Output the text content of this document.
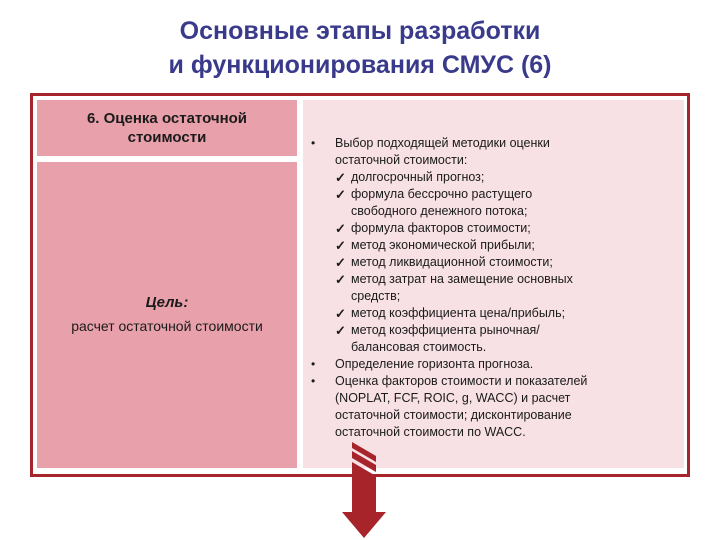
Основные этапы разработки
и функционирования СМУС (6)
6. Оценка остаточной
стоимости
Цель:
расчет остаточной стоимости
• Выбор подходящей методики оценки
остаточной стоимости:
✓ долгосрочный прогноз;
✓ формула бессрочно растущего
свободного денежного потока;
✓ формула факторов стоимости;
✓ метод экономической прибыли;
✓ метод ликвидационной стоимости;
✓ метод затрат на замещение основных
средств;
✓ метод коэффициента цена/прибыль;
✓ метод коэффициента рыночная/
балансовая стоимость.
• Определение горизонта прогноза.
• Оценка факторов стоимости и показателей
(NOPLAT, FCF, ROIC, g, WACC) и расчет
остаточной стоимости; дисконтирование
остаточной стоимости по WACC.
